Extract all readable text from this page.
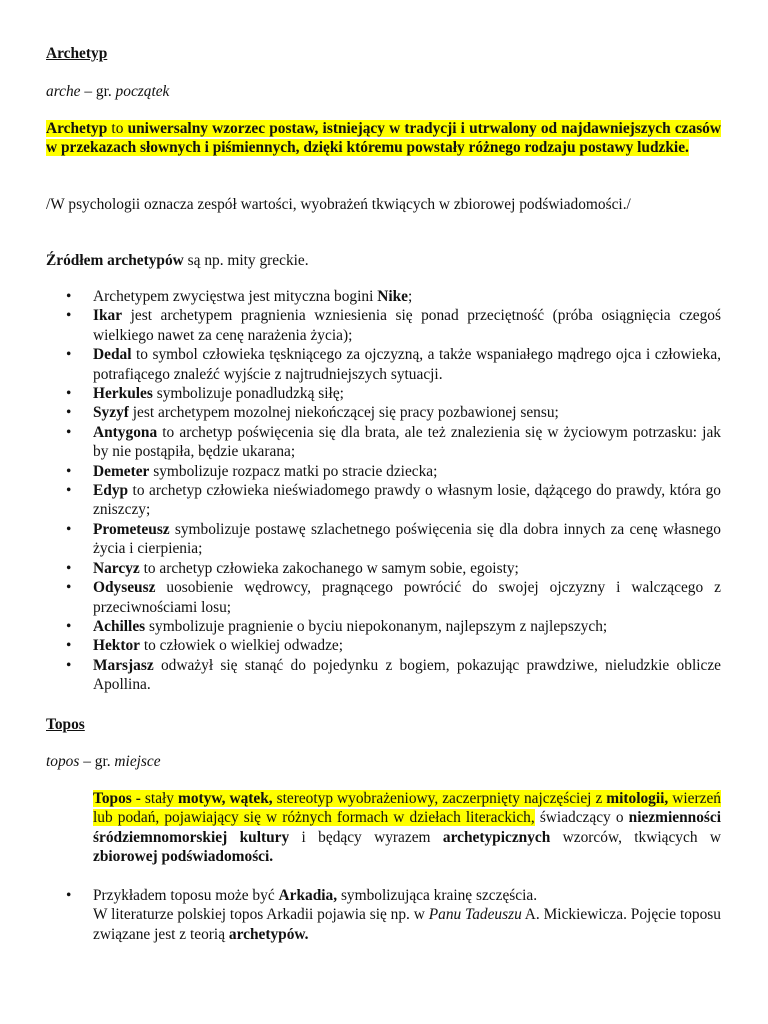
Archetyp
arche – gr. początek
Archetyp to uniwersalny wzorzec postaw, istniejący w tradycji i utrwalony od najdawniejszych czasów w przekazach słownych i piśmiennych, dzięki któremu powstały różnego rodzaju postawy ludzkie.
/W psychologii oznacza zespół wartości, wyobrażeń tkwiących w zbiorowej podświadomości./
Źródłem archetypów są np. mity greckie.
• Archetypem zwycięstwa jest mityczna bogini Nike;
• Ikar jest archetypem pragnienia wzniesienia się ponad przeciętność (próba osiągnięcia czegoś wielkiego nawet za cenę narażenia życia);
• Dedal to symbol człowieka tęskniącego za ojczyzną, a także wspaniałego mądrego ojca i człowieka, potrafiącego znaleźć wyjście z najtrudniejszych sytuacji.
• Herkules symbolizuje ponadludzką siłę;
• Syzyf jest archetypem mozolnej niekończącej się pracy pozbawionej sensu;
• Antygona to archetyp poświęcenia się dla brata, ale też znalezienia się w życiowym potrzasku: jak by nie postąpiła, będzie ukarana;
• Demeter symbolizuje rozpacz matki po stracie dziecka;
• Edyp to archetyp człowieka nieświadomego prawdy o własnym losie, dążącego do prawdy, która go zniszczy;
• Prometeusz symbolizuje postawę szlachetnego poświęcenia się dla dobra innych za cenę własnego życia i cierpienia;
• Narcyz to archetyp człowieka zakochanego w samym sobie, egoisty;
• Odyseusz uosobienie wędrowcy, pragnącego powrócić do swojej ojczyzny i walczącego z przeciwnościami losu;
• Achilles symbolizuje pragnienie o byciu niepokonanym, najlepszym z najlepszych;
• Hektor to człowiek o wielkiej odwadze;
• Marsjasz odważył się stanąć do pojedynku z bogiem, pokazując prawdziwe, nieludzkie oblicze Apollina.
Topos
topos – gr. miejsce
Topos - stały motyw, wątek, stereotyp wyobrażeniowy, zaczerpnięty najczęściej z mitologii, wierzeń lub podań, pojawiający się w różnych formach w dziełach literackich, świadczący o niezmienności śródziemnomorskiej kultury i będący wyrazem archetypicznych wzorców, tkwiących w zbiorowej podświadomości.
• Przykładem toposu może być Arkadia, symbolizująca krainę szczęścia.
W literaturze polskiej topos Arkadii pojawia się np. w Panu Tadeuszu A. Mickiewicza. Pojęcie toposu związane jest z teorią archetypów.
